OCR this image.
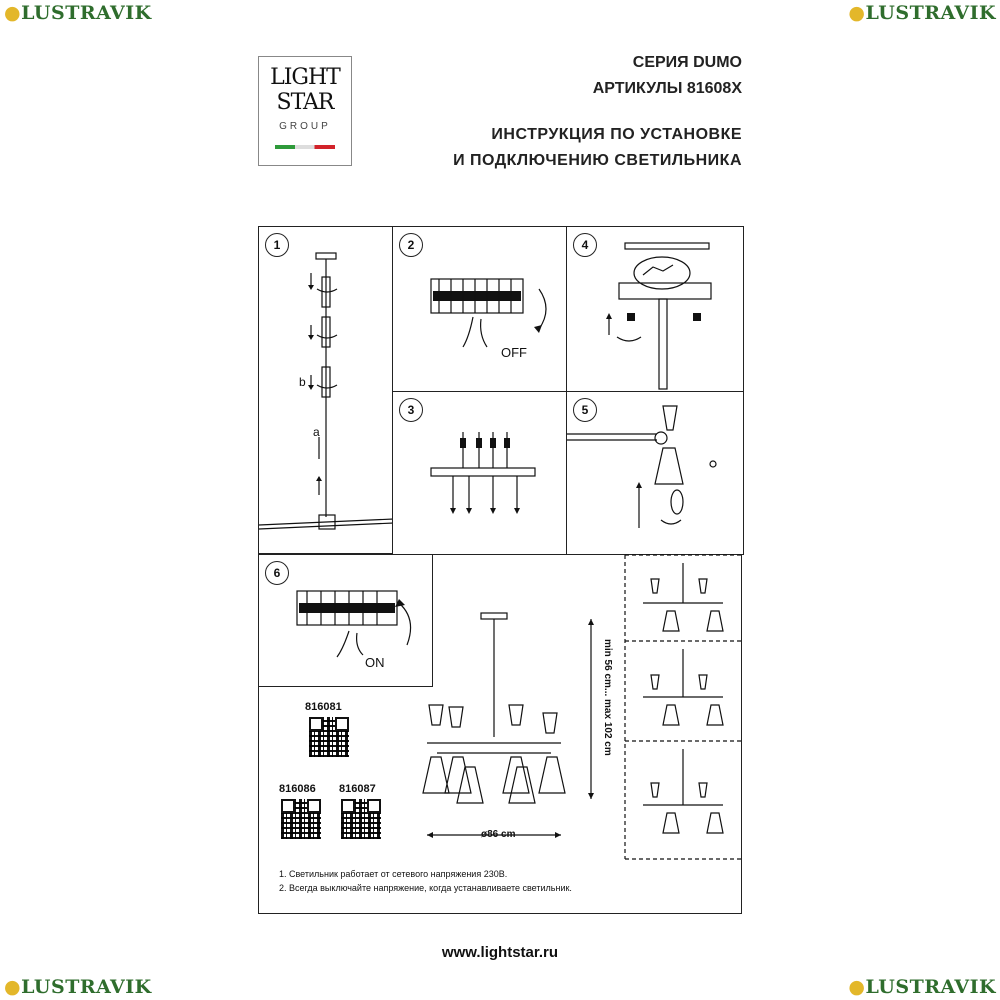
●LUSTRAVIK	●LUSTRAVIK
●LUSTRAVIK	●LUSTRAVIK
LIGHT
STAR
GROUP
СЕРИЯ DUMO
АРТИКУЛЫ 81608X
ИНСТРУКЦИЯ ПО УСТАНОВКЕ
И ПОДКЛЮЧЕНИЮ СВЕТИЛЬНИКА
1
b
a
2
OFF
4
3	5
6
ON	min 56 cm... max 102 cm
ø86 cm
816081
816086 816087
1. Светильник работает от сетевого напряжения 230В.
2. Всегда выключайте напряжение, когда устанавливаете светильник.
www.lightstar.ru
